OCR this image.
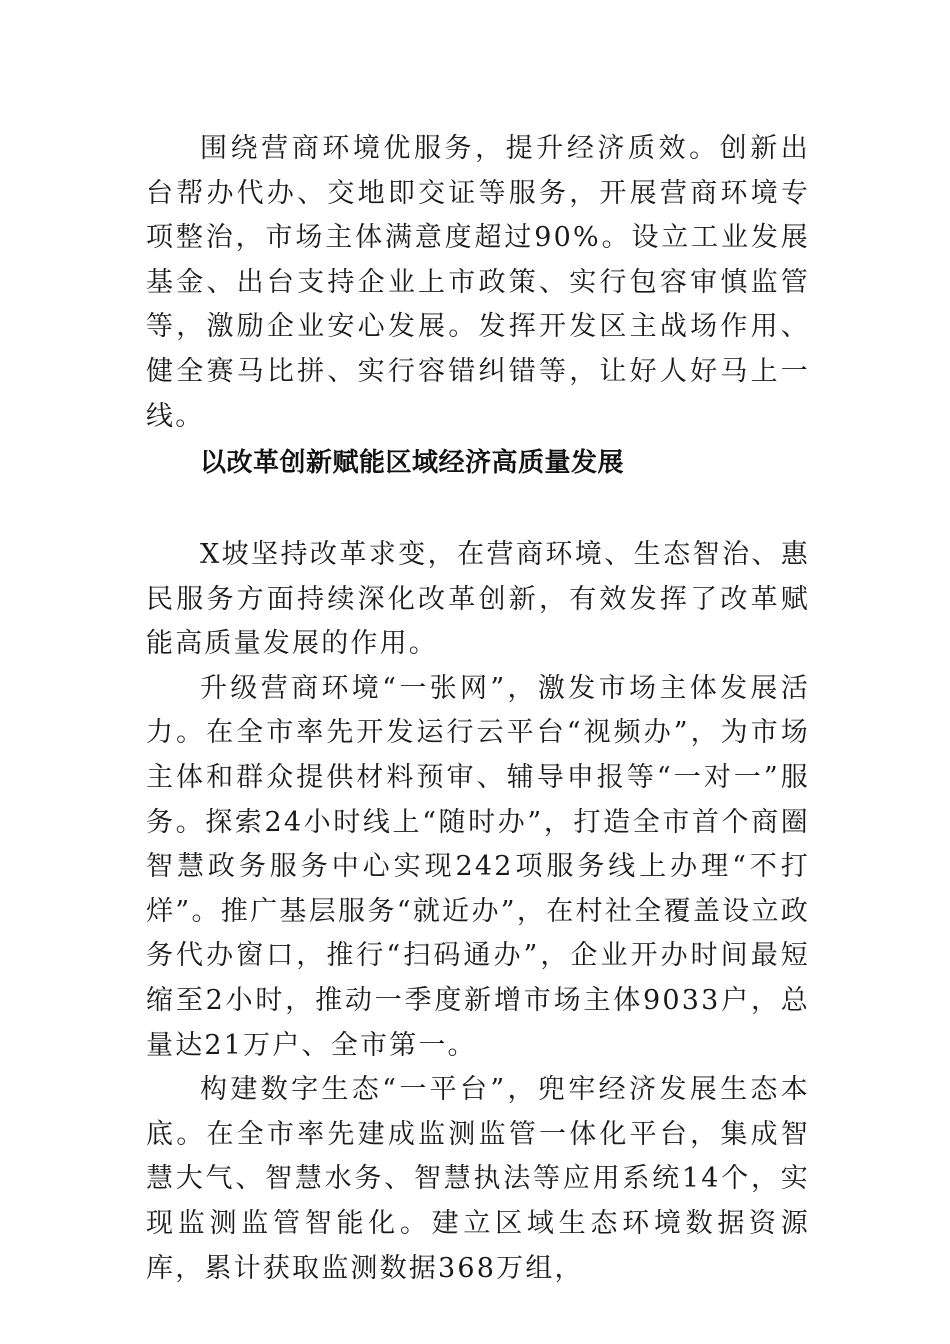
围绕营商环境优服务，提升经济质效。创新出台帮办代办、交地即交证等服务，开展营商环境专项整治，市场主体满意度超过90%。设立工业发展基金、出台支持企业上市政策、实行包容审慎监管等，激励企业安心发展。发挥开发区主战场作用、健全赛马比拼、实行容错纠错等，让好人好马上一线。

以改革创新赋能区域经济高质量发展

X坡坚持改革求变，在营商环境、生态智治、惠民服务方面持续深化改革创新，有效发挥了改革赋能高质量发展的作用。

升级营商环境“一张网”，激发市场主体发展活力。在全市率先开发运行云平台“视频办”，为市场主体和群众提供材料预审、辅导申报等“一对一”服务。探索24小时线上“随时办”，打造全市首个商圈智慧政务服务中心实现242项服务线上办理“不打烊”。推广基层服务“就近办”，在村社全覆盖设立政务代办窗口，推行“扫码通办”，企业开办时间最短缩至2小时，推动一季度新增市场主体9033户，总量达21万户、全市第一。

构建数字生态“一平台”，兜牢经济发展生态本底。在全市率先建成监测监管一体化平台，集成智慧大气、智慧水务、智慧执法等应用系统14个，实现监测监管智能化。建立区域生态环境数据资源库，累计获取监测数据368万组，
